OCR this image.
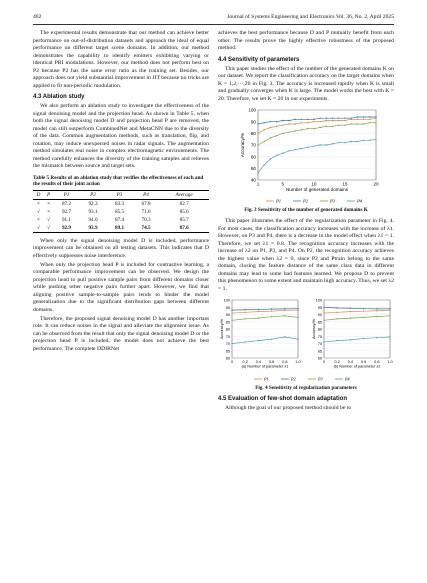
402	Journal of Systems Engineering and Electronics Vol. 36, No. 2, April 2025

The experimental results demonstrate that our method can achieve better performance on out-of-distribution datasets and approach the ideal of equal performance on different target scene domains. In addition, our method demonstrates the capability to identify emitters exhibiting varying or identical PRI modulations. However, our method does not perform best on P2 because P2 has the same error ratio as the training set. Besides, our approach does not yield substantial improvement in JIT because no tricks are applied to fit non-periodic modulation.

4.3 Ablation study

We also perform an ablation study to investigate the effectiveness of the signal denoising model and the projection head. As shown in Table 5, when both the signal denoising model D and projection head P are removed, the model can still outperform CombinedNet and MetaCNN due to the diversity of the data. Common augmentation methods, such as translation, flip, and rotation, may induce unexpected noises in radar signals. The augmentation method simulates real noise in complex electromagnetic environments. The method carefully enhances the diversity of the training samples and relieves the mismatch between source and target sets.

Table 5 Results of an ablation study that verifies the effectiveness of each and the results of their joint action
D	P	P1	P2	P3	P4	Average
×	×	87.2	92.3	83.3	67.8	82.7
√	×	92.7	93.1	85.5	71.0	85.6
×	√	91.1	94.0	87.4	70.3	85.7
√	√	92.9	93.9	89.1	74.5	87.6

When only the signal denoising model D is included, performance improvement can be obtained on all testing datasets. This indicates that D effectively suppresses noise interference.

When only the projection head P is included for contrastive learning, a comparable performance improvement can be observed. We design the projection head to pull positive sample pairs from different domains closer while pushing other negative pairs further apart. However, we find that aligning positive sample-to-sample pairs tends to hinder the model generalization due to the significant distribution gaps between different domains.

Therefore, the proposed signal denoising model D has another important role. It can reduce noises in the signal and alleviate the alignment issue. As can be observed from the result that only the signal denoising model D or the projection head P is included, the model does not achieve the best performance. The complete DDIRNet

achieves the best performance because D and P mutually benefit from each other. The results prove the highly effective robustness of the proposed method.

4.4 Sensitivity of parameters

This paper studies the effect of the number of the generated domains K on our dataset. We report the classification accuracy on the target domains when K = 1,2,···,20 in Fig. 3. The accuracy is increased rapidly when K is small and gradually converges when K is large. The model works the best with K = 20. Therefore, we set K = 20 in our experiments.

40
50
60
70
80
90
100
1	5	10	15	20
Accuracy/%
Number of generated domains
P1	P2	P3	P4
Fig. 3 Sensitivity of the number of generated domains K

This paper illustrates the effect of the regularization parameter in Fig. 4. For most cases, the classification accuracy increases with the increase of λ1. However, on P3 and P4, there is a decrease in the model effect when λ1 = 1. Therefore, we set λ1 = 0.8. The recognition accuracy increases with the increase of λ2 on P1, P3, and P4. On P2, the recognition accuracy achieves the highest value when λ2 = 0, since P2 and Ptrain belong to the same domain, closing the feature distance of the same class data in different domains may lead to some bad features learned. We propose D to prevent this phenomenon to some extent and maintain high accuracy. Thus, we set λ2 = 1.

60
65
70
75
80
85
90
95
100
0 0.2 0.4 0.6 0.8 1.0
Accuracy/%
(a) Number of parameter λ1
60
65
70
75
80
85
90
95
100
0 0.2 0.4 0.6 0.8 1.0
Accuracy/%
(b) Number of parameter λ2
P1	P2	P3	P4
Fig. 4 Sensitivity of regularization parameters
4.5 Evaluation of few-shot domain adaptation

Although the goal of our proposed method should be to
